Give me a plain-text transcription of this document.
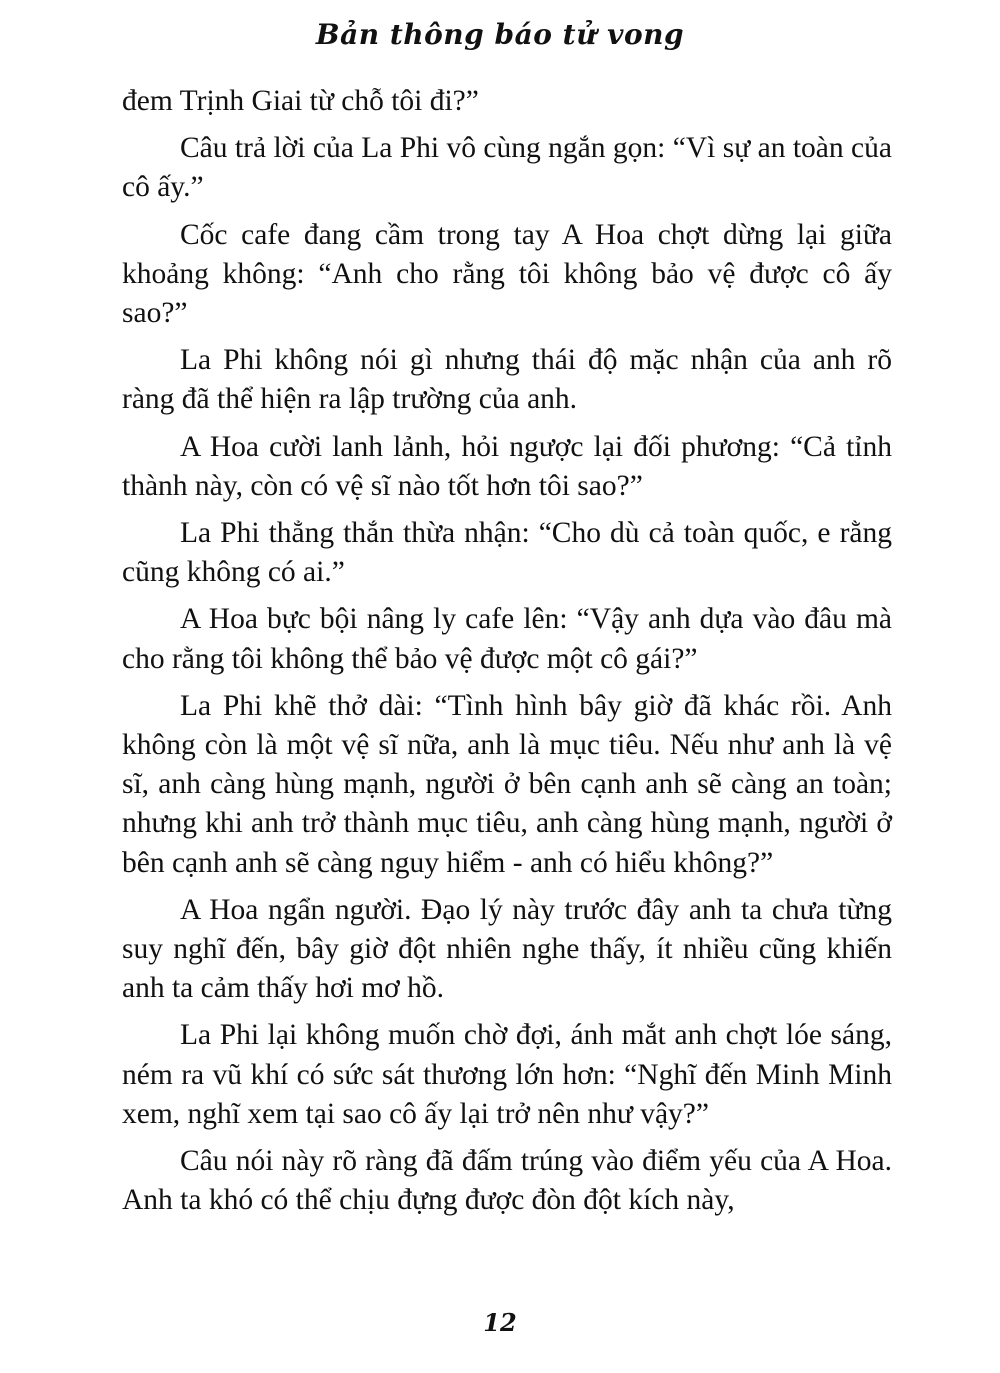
Bản thông báo tử vong

đem Trịnh Giai từ chỗ tôi đi?”

Câu trả lời của La Phi vô cùng ngắn gọn: “Vì sự an toàn của cô ấy.”

Cốc cafe đang cầm trong tay A Hoa chợt dừng lại giữa khoảng không: “Anh cho rằng tôi không bảo vệ được cô ấy sao?”

La Phi không nói gì nhưng thái độ mặc nhận của anh rõ ràng đã thể hiện ra lập trường của anh.

A Hoa cười lanh lảnh, hỏi ngược lại đối phương: “Cả tỉnh thành này, còn có vệ sĩ nào tốt hơn tôi sao?”

La Phi thẳng thắn thừa nhận: “Cho dù cả toàn quốc, e rằng cũng không có ai.”

A Hoa bực bội nâng ly cafe lên: “Vậy anh dựa vào đâu mà cho rằng tôi không thể bảo vệ được một cô gái?”

La Phi khẽ thở dài: “Tình hình bây giờ đã khác rồi. Anh không còn là một vệ sĩ nữa, anh là mục tiêu. Nếu như anh là vệ sĩ, anh càng hùng mạnh, người ở bên cạnh anh sẽ càng an toàn; nhưng khi anh trở thành mục tiêu, anh càng hùng mạnh, người ở bên cạnh anh sẽ càng nguy hiểm - anh có hiểu không?”

A Hoa ngẩn người. Đạo lý này trước đây anh ta chưa từng suy nghĩ đến, bây giờ đột nhiên nghe thấy, ít nhiều cũng khiến anh ta cảm thấy hơi mơ hồ.

La Phi lại không muốn chờ đợi, ánh mắt anh chợt lóe sáng, ném ra vũ khí có sức sát thương lớn hơn: “Nghĩ đến Minh Minh xem, nghĩ xem tại sao cô ấy lại trở nên như vậy?”

Câu nói này rõ ràng đã đấm trúng vào điểm yếu của A Hoa. Anh ta khó có thể chịu đựng được đòn đột kích này,

12
